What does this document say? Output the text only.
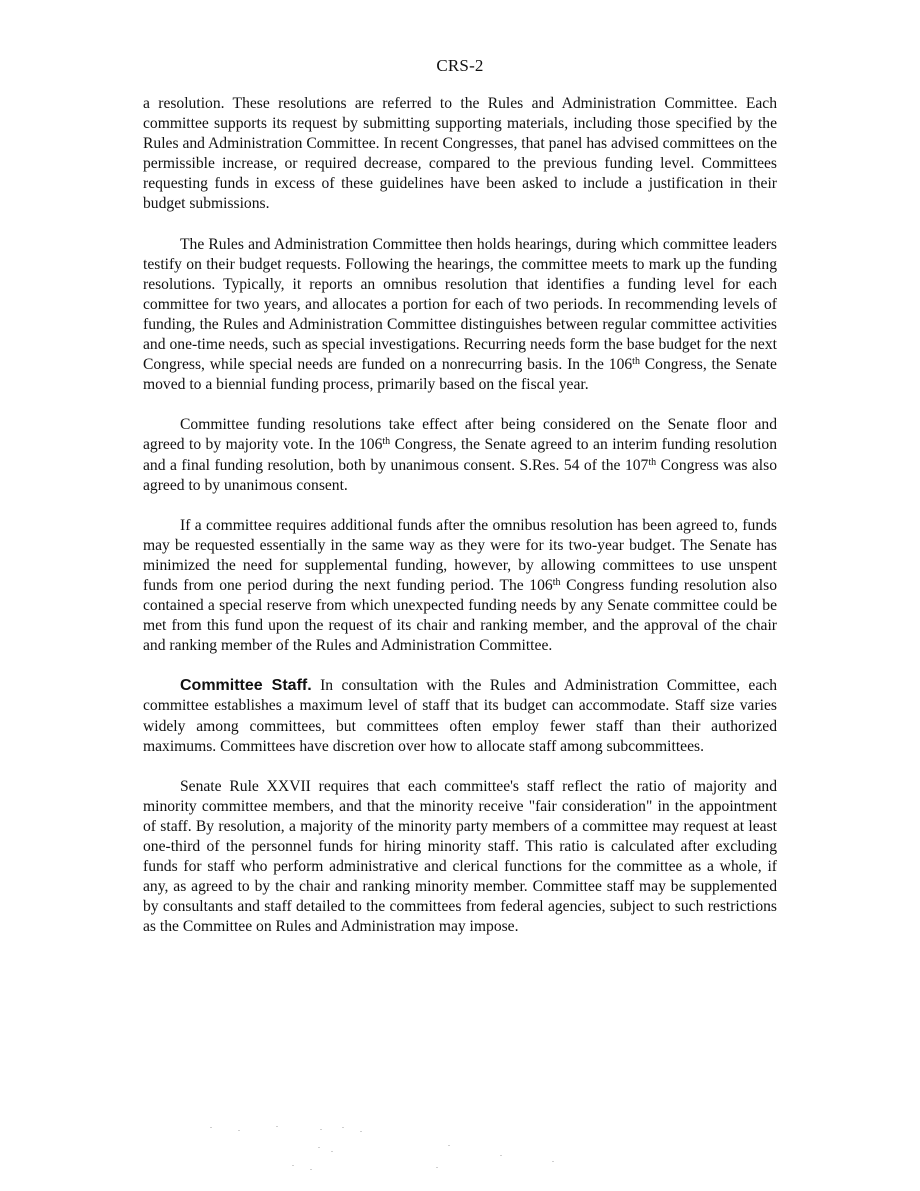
CRS-2

a resolution. These resolutions are referred to the Rules and Administration Committee. Each committee supports its request by submitting supporting materials, including those specified by the Rules and Administration Committee. In recent Congresses, that panel has advised committees on the permissible increase, or required decrease, compared to the previous funding level. Committees requesting funds in excess of these guidelines have been asked to include a justification in their budget submissions.

The Rules and Administration Committee then holds hearings, during which committee leaders testify on their budget requests. Following the hearings, the committee meets to mark up the funding resolutions. Typically, it reports an omnibus resolution that identifies a funding level for each committee for two years, and allocates a portion for each of two periods. In recommending levels of funding, the Rules and Administration Committee distinguishes between regular committee activities and one-time needs, such as special investigations. Recurring needs form the base budget for the next Congress, while special needs are funded on a nonrecurring basis. In the 106th Congress, the Senate moved to a biennial funding process, primarily based on the fiscal year.

Committee funding resolutions take effect after being considered on the Senate floor and agreed to by majority vote. In the 106th Congress, the Senate agreed to an interim funding resolution and a final funding resolution, both by unanimous consent. S.Res. 54 of the 107th Congress was also agreed to by unanimous consent.

If a committee requires additional funds after the omnibus resolution has been agreed to, funds may be requested essentially in the same way as they were for its two-year budget. The Senate has minimized the need for supplemental funding, however, by allowing committees to use unspent funds from one period during the next funding period. The 106th Congress funding resolution also contained a special reserve from which unexpected funding needs by any Senate committee could be met from this fund upon the request of its chair and ranking member, and the approval of the chair and ranking member of the Rules and Administration Committee.

Committee Staff. In consultation with the Rules and Administration Committee, each committee establishes a maximum level of staff that its budget can accommodate. Staff size varies widely among committees, but committees often employ fewer staff than their authorized maximums. Committees have discretion over how to allocate staff among subcommittees.

Senate Rule XXVII requires that each committee's staff reflect the ratio of majority and minority committee members, and that the minority receive "fair consideration" in the appointment of staff. By resolution, a majority of the minority party members of a committee may request at least one-third of the personnel funds for hiring minority staff. This ratio is calculated after excluding funds for staff who perform administrative and clerical functions for the committee as a whole, if any, as agreed to by the chair and ranking minority member. Committee staff may be supplemented by consultants and staff detailed to the committees from federal agencies, subject to such restrictions as the Committee on Rules and Administration may impose.
